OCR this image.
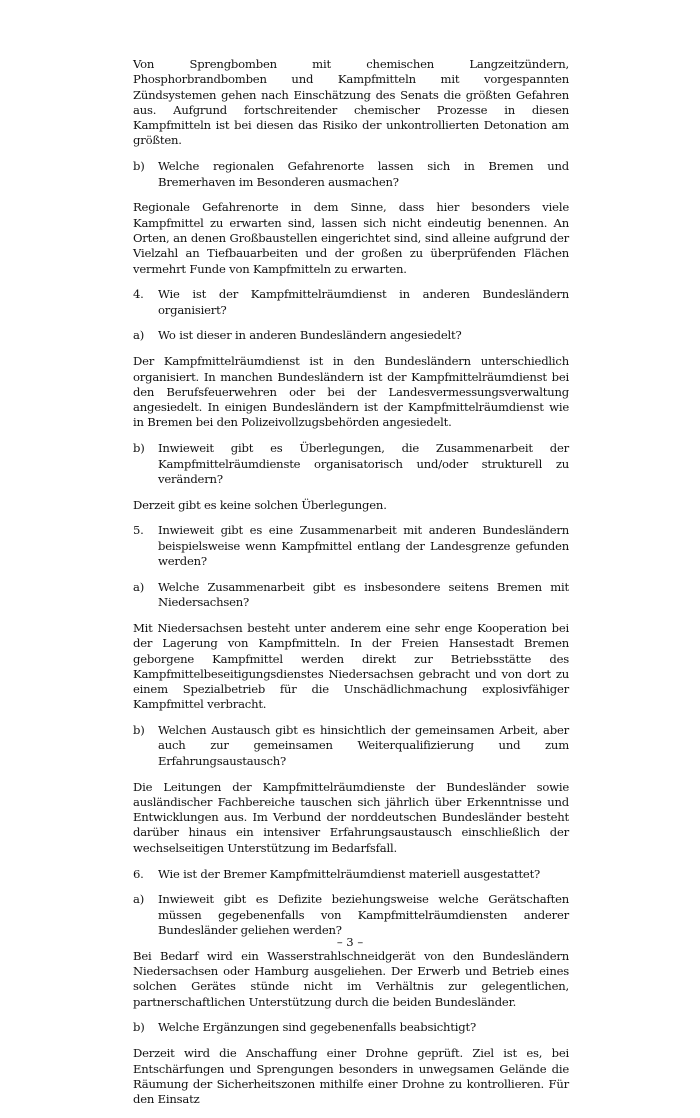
Von Sprengbomben mit chemischen Langzeitzündern, Phosphorbrandbomben und Kampfmitteln mit vorgespannten Zündsystemen gehen nach Einschätzung des Senats die größten Gefahren aus. Aufgrund fortschreitender chemischer Prozesse in diesen Kampfmitteln ist bei diesen das Risiko der unkontrollierten Detonation am größten.

b)	Welche regionalen Gefahrenorte lassen sich in Bremen und Bremerhaven im Besonderen ausmachen?

Regionale Gefahrenorte in dem Sinne, dass hier besonders viele Kampfmittel zu erwarten sind, lassen sich nicht eindeutig benennen. An Orten, an denen Großbaustellen eingerichtet sind, sind alleine aufgrund der Vielzahl an Tiefbauarbeiten und der großen zu überprüfenden Flächen vermehrt Funde von Kampfmitteln zu erwarten.

4.	Wie ist der Kampfmittelräumdienst in anderen Bundesländern organisiert?
a)	Wo ist dieser in anderen Bundesländern angesiedelt?

Der Kampfmittelräumdienst ist in den Bundesländern unterschiedlich organisiert. In manchen Bundesländern ist der Kampfmittelräumdienst bei den Berufsfeuerwehren oder bei der Landesvermessungsverwaltung angesiedelt. In einigen Bundesländern ist der Kampfmittelräumdienst wie in Bremen bei den Polizeivollzugsbehörden angesiedelt.

b)	Inwieweit gibt es Überlegungen, die Zusammenarbeit der Kampfmittelräumdienste organisatorisch und/oder strukturell zu verändern?

Derzeit gibt es keine solchen Überlegungen.

5.	Inwieweit gibt es eine Zusammenarbeit mit anderen Bundesländern beispielsweise wenn Kampfmittel entlang der Landesgrenze gefunden werden?
a)	Welche Zusammenarbeit gibt es insbesondere seitens Bremen mit Niedersachsen?

Mit Niedersachsen besteht unter anderem eine sehr enge Kooperation bei der Lagerung von Kampfmitteln. In der Freien Hansestadt Bremen geborgene Kampfmittel werden direkt zur Betriebsstätte des Kampfmittelbeseitigungsdienstes Niedersachsen gebracht und von dort zu einem Spezialbetrieb für die Unschädlichmachung explosivfähiger Kampfmittel verbracht.

b)	Welchen Austausch gibt es hinsichtlich der gemeinsamen Arbeit, aber auch zur gemeinsamen Weiterqualifizierung und zum Erfahrungsaustausch?

Die Leitungen der Kampfmittelräumdienste der Bundesländer sowie ausländischer Fachbereiche tauschen sich jährlich über Erkenntnisse und Entwicklungen aus. Im Verbund der norddeutschen Bundesländer besteht darüber hinaus ein intensiver Erfahrungsaustausch einschließlich der wechselseitigen Unterstützung im Bedarfsfall.

6.	Wie ist der Bremer Kampfmittelräumdienst materiell ausgestattet?
a)	Inwieweit gibt es Defizite beziehungsweise welche Gerätschaften müssen gegebenenfalls von Kampfmittelräumdiensten anderer Bundesländer geliehen werden?

Bei Bedarf wird ein Wasserstrahlschneidgerät von den Bundesländern Niedersachsen oder Hamburg ausgeliehen. Der Erwerb und Betrieb eines solchen Gerätes stünde nicht im Verhältnis zur gelegentlichen, partnerschaftlichen Unterstützung durch die beiden Bundesländer.

b)	Welche Ergänzungen sind gegebenenfalls beabsichtigt?

Derzeit wird die Anschaffung einer Drohne geprüft. Ziel ist es, bei Entschärfungen und Sprengungen besonders in unwegsamen Gelände die Räumung der Sicherheitszonen mithilfe einer Drohne zu kontrollieren. Für den Einsatz

– 3 –
